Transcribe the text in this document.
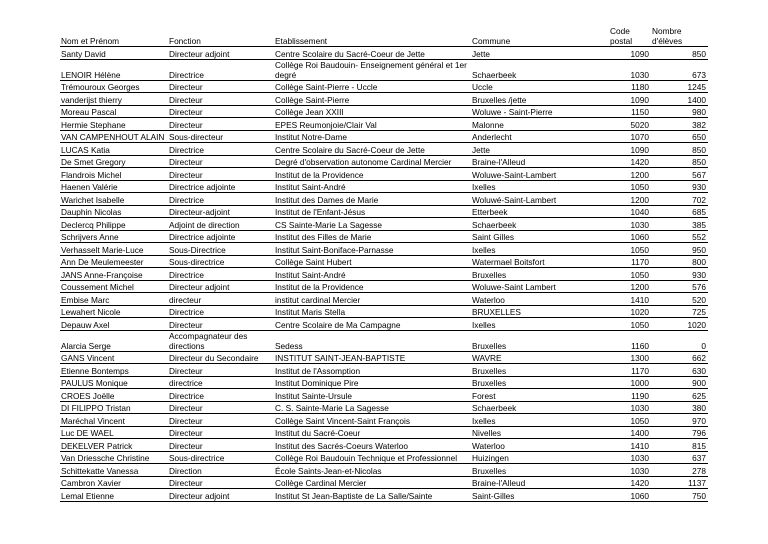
Nom et Prénom	Fonction	Etablissement	Commune	Code postal	Nombre d'élèves
Santy David	Directeur adjoint	Centre Scolaire du Sacré-Coeur de Jette	Jette	1090	850
LENOIR Hélène	Directrice	Collège Roi Baudouin- Enseignement général et 1er degré	Schaerbeek	1030	673
Trémouroux Georges	Directeur	Collège Saint-Pierre - Uccle	Uccle	1180	1245
vanderijst thierry	Directeur	Collège Saint-Pierre	Bruxelles /jette	1090	1400
Moreau Pascal	Directeur	Collège Jean XXIII	Woluwe - Saint-Pierre	1150	980
Hermie Stephane	Directeur	EPES Reumonjoie/Clair Val	Malonne	5020	382
VAN CAMPENHOUT ALAIN	Sous-directeur	Institut Notre-Dame	Anderlecht	1070	650
LUCAS Katia	Directrice	Centre Scolaire du Sacré-Coeur de Jette	Jette	1090	850
De Smet Gregory	Directeur	Degré d'observation autonome Cardinal Mercier	Braine-l'Alleud	1420	850
Flandrois Michel	Directeur	Institut de la Providence	Woluwe-Saint-Lambert	1200	567
Haenen Valérie	Directrice adjointe	Institut Saint-André	Ixelles	1050	930
Warichet Isabelle	Directrice	Institut des Dames de Marie	Woluwé-Saint-Lambert	1200	702
Dauphin Nicolas	Directeur-adjoint	Institut de l'Enfant-Jésus	Etterbeek	1040	685
Declercq Philippe	Adjoint de direction	CS Sainte-Marie La Sagesse	Schaerbeek	1030	385
Schrijvers Anne	Directrice adjointe	Institut des Filles de Marie	Saint Gilles	1060	552
Verhasselt Marie-Luce	Sous-Directrice	Institut Saint-Boniface-Parnasse	Ixelles	1050	950
Ann De Meulemeester	Sous-directrice	Collège Saint Hubert	Watermael Boitsfort	1170	800
JANS Anne-Françoise	Directrice	Institut Saint-André	Bruxelles	1050	930
Coussement Michel	Directeur adjoint	Institut de la Providence	Woluwe-Saint Lambert	1200	576
Embise Marc	directeur	institut cardinal Mercier	Waterloo	1410	520
Lewahert Nicole	Directrice	Institut Maris Stella	BRUXELLES	1020	725
Depauw Axel	Directeur	Centre Scolaire de Ma Campagne	Ixelles	1050	1020
Alarcia Serge	Accompagnateur des directions	Sedess	Bruxelles	1160	0
GANS Vincent	Directeur du Secondaire	INSTITUT SAINT-JEAN-BAPTISTE	WAVRE	1300	662
Etienne Bontemps	Directeur	Institut de l'Assomption	Bruxelles	1170	630
PAULUS Monique	directrice	Institut Dominique Pire	Bruxelles	1000	900
CROES Joëlle	Directrice	Institut Sainte-Ursule	Forest	1190	625
DI FILIPPO Tristan	Directeur	C. S. Sainte-Marie La Sagesse	Schaerbeek	1030	380
Maréchal Vincent	Directeur	Collège Saint Vincent-Saint François	Ixelles	1050	970
Luc DE WAEL	Directeur	Institut du Sacré-Coeur	Nivelles	1400	796
DEKELVER Patrick	Directeur	Institut des Sacrés-Coeurs Waterloo	Waterloo	1410	815
Van Driessche Christine	Sous-directrice	Collège Roi Baudouin Technique et Professionnel	Huizingen	1030	637
Schittekatte Vanessa	Direction	École Saints-Jean-et-Nicolas	Bruxelles	1030	278
Cambron Xavier	Directeur	Collège Cardinal Mercier	Braine-l'Alleud	1420	1137
Lemal Etienne	Directeur adjoint	Institut St Jean-Baptiste de La Salle/Sainte	Saint-Gilles	1060	750
